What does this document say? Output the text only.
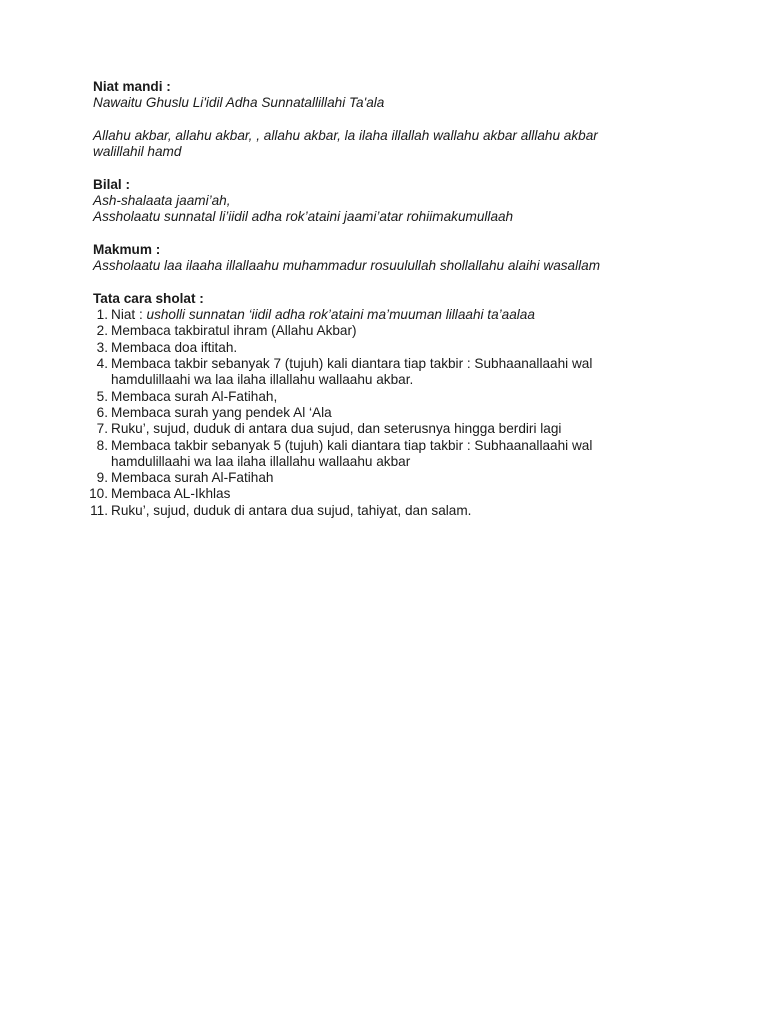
Niat mandi :

Nawaitu Ghuslu Li'idil Adha Sunnatallillahi Ta'ala

Allahu akbar, allahu akbar, , allahu akbar, la ilaha illallah wallahu akbar alllahu akbar

walillahil hamd

Bilal :

Ash-shalaata jaami’ah,

Assholaatu sunnatal li’iidil adha rok’ataini jaami’atar rohiimakumullaah

Makmum :

Assholaatu laa ilaaha illallaahu muhammadur rosuulullah shollallahu alaihi wasallam

Tata cara sholat :

1. Niat : usholli sunnatan ‘iidil adha rok’ataini ma’muuman lillaahi ta’aalaa
2. Membaca takbiratul ihram (Allahu Akbar)
3. Membaca doa iftitah.
4. Membaca takbir sebanyak 7 (tujuh) kali diantara tiap takbir : Subhaanallaahi wal
hamdulillaahi wa laa ilaha illallahu wallaahu akbar.
5. Membaca surah Al-Fatihah,
6. Membaca surah yang pendek Al ‘Ala
7. Ruku’, sujud, duduk di antara dua sujud, dan seterusnya hingga berdiri lagi
8. Membaca takbir sebanyak 5 (tujuh) kali diantara tiap takbir : Subhaanallaahi wal
hamdulillaahi wa laa ilaha illallahu wallaahu akbar
9. Membaca surah Al-Fatihah
10. Membaca AL-Ikhlas
11. Ruku’, sujud, duduk di antara dua sujud, tahiyat, dan salam.
